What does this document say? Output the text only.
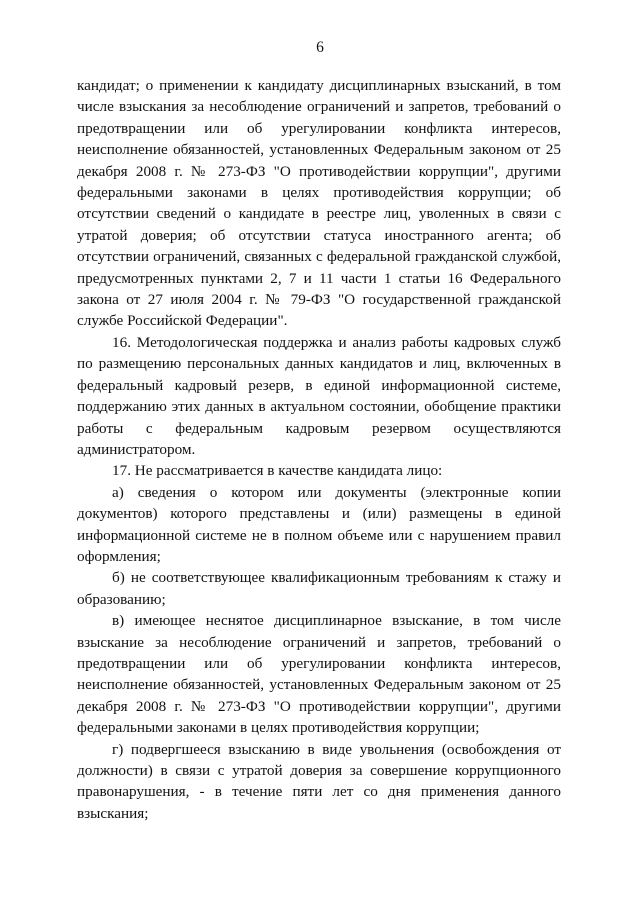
6

кандидат; о применении к кандидату дисциплинарных взысканий, в том числе взыскания за несоблюдение ограничений и запретов, требований о предотвращении или об урегулировании конфликта интересов, неисполнение обязанностей, установленных Федеральным законом от 25 декабря 2008 г. № 273-ФЗ "О противодействии коррупции", другими федеральными законами в целях противодействия коррупции; об отсутствии сведений о кандидате в реестре лиц, уволенных в связи с утратой доверия; об отсутствии статуса иностранного агента; об отсутствии ограничений, связанных с федеральной гражданской службой, предусмотренных пунктами 2, 7 и 11 части 1 статьи 16 Федерального закона от 27 июля 2004 г. № 79-ФЗ "О государственной гражданской службе Российской Федерации".

16. Методологическая поддержка и анализ работы кадровых служб по размещению персональных данных кандидатов и лиц, включенных в федеральный кадровый резерв, в единой информационной системе, поддержанию этих данных в актуальном состоянии, обобщение практики работы с федеральным кадровым резервом осуществляются администратором.

17. Не рассматривается в качестве кандидата лицо:

а) сведения о котором или документы (электронные копии документов) которого представлены и (или) размещены в единой информационной системе не в полном объеме или с нарушением правил оформления;

б) не соответствующее квалификационным требованиям к стажу и образованию;

в) имеющее неснятое дисциплинарное взыскание, в том числе взыскание за несоблюдение ограничений и запретов, требований о предотвращении или об урегулировании конфликта интересов, неисполнение обязанностей, установленных Федеральным законом от 25 декабря 2008 г. № 273-ФЗ "О противодействии коррупции", другими федеральными законами в целях противодействия коррупции;

г) подвергшееся взысканию в виде увольнения (освобождения от должности) в связи с утратой доверия за совершение коррупционного правонарушения, - в течение пяти лет со дня применения данного взыскания;
